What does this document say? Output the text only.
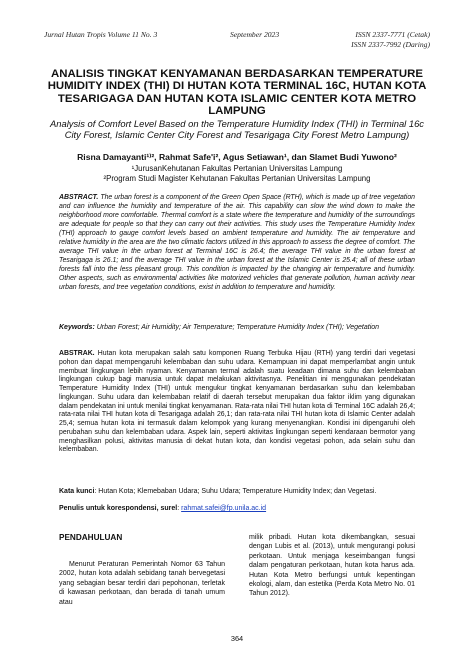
Jurnal Hutan Tropis Volume 11 No. 3	September 2023	ISSN 2337-7771 (Cetak)
ISSN 2337-7992 (Daring)
ANALISIS TINGKAT KENYAMANAN BERDASARKAN TEMPERATURE HUMIDITY INDEX (THI) DI HUTAN KOTA TERMINAL 16C, HUTAN KOTA TESARIGAGA DAN HUTAN KOTA ISLAMIC CENTER KOTA METRO LAMPUNG
Analysis of Comfort Level Based on the Temperature Humidity Index (THI) in Terminal 16c City Forest, Islamic Center City Forest and Tesarigaga City Forest Metro Lampung)
Risna Damayanti¹⁾², Rahmat Safe'i², Agus Setiawan¹, dan Slamet Budi Yuwono²
¹JurusanKehutanan Fakultas Pertanian Universitas Lampung
²Program Studi Magister Kehutanan Fakultas Pertanian Universitas Lampung
ABSTRACT. The urban forest is a component of the Green Open Space (RTH), which is made up of tree vegetation and can influence the humidity and temperature of the air. This capability can slow the wind down to make the neighborhood more comfortable. Thermal comfort is a state where the temperature and humidity of the surroundings are adequate for people so that they can carry out their activities. This study uses the Temperature Humidity Index (THI) approach to gauge comfort levels based on ambient temperature and humidity. The air temperature and relative humidity in the area are the two climatic factors utilized in this approach to assess the degree of comfort. The average THI value in the urban forest at Terminal 16C is 26.4; the average THI value in the urban forest at Tesarigaga is 26.1; and the average THI value in the urban forest at the Islamic Center is 25.4; all of these urban forests fall into the less pleasant group. This condition is impacted by the changing air temperature and humidity. Other aspects, such as environmental activities like motorized vehicles that generate pollution, human activity near urban forests, and tree vegetation conditions, exist in addition to temperature and humidity.
Keywords: Urban Forest; Air Humidity; Air Temperature; Temperature Humidity Index (THI); Vegetation
ABSTRAK. Hutan kota merupakan salah satu komponen Ruang Terbuka Hijau (RTH) yang terdiri dari vegetasi pohon dan dapat mempengaruhi kelembaban dan suhu udara. Kemampuan ini dapat memperlambat angin untuk membuat lingkungan lebih nyaman. Kenyamanan termal adalah suatu keadaan dimana suhu dan kelembaban lingkungan cukup bagi manusia untuk dapat melakukan aktivitasnya. Penelitian ini menggunakan pendekatan Temperature Humidity Index (THI) untuk mengukur tingkat kenyamanan berdasarkan suhu dan kelembaban lingkungan. Suhu udara dan kelembaban relatif di daerah tersebut merupakan dua faktor iklim yang digunakan dalam pendekatan ini untuk menilai tingkat kenyamanan. Rata-rata nilai THI hutan kota di Terminal 16C adalah 26,4; rata-rata nilai THI hutan kota di Tesarigaga adalah 26,1; dan rata-rata nilai THI hutan kota di Islamic Center adalah 25,4; semua hutan kota ini termasuk dalam kelompok yang kurang menyenangkan. Kondisi ini dipengaruhi oleh perubahan suhu dan kelembaban udara. Aspek lain, seperti aktivitas lingkungan seperti kendaraan bermotor yang menghasilkan polusi, aktivitas manusia di dekat hutan kota, dan kondisi vegetasi pohon, ada selain suhu dan kelembaban.
Kata kunci: Hutan Kota; Klemebaban Udara; Suhu Udara; Temperature Humidity Index; dan Vegetasi.
Penulis untuk korespondensi, surel: rahmat.safei@fp.unila.ac.id
PENDAHULUAN
Menurut Peraturan Pemerintah Nomor 63 Tahun 2002, hutan kota adalah sebidang tanah bervegetasi yang sebagian besar terdiri dari pepohonan, terletak di kawasan perkotaan, dan berada di tanah umum atau
milik pribadi. Hutan kota dikembangkan, sesuai dengan Lubis et al. (2013), untuk mengurangi polusi perkotaan. Untuk menjaga keseimbangan fungsi dalam pengaturan perkotaan, hutan kota harus ada. Hutan Kota Metro berfungsi untuk kepentingan ekologi, alam, dan estetika (Perda Kota Metro No. 01 Tahun 2012).
364
